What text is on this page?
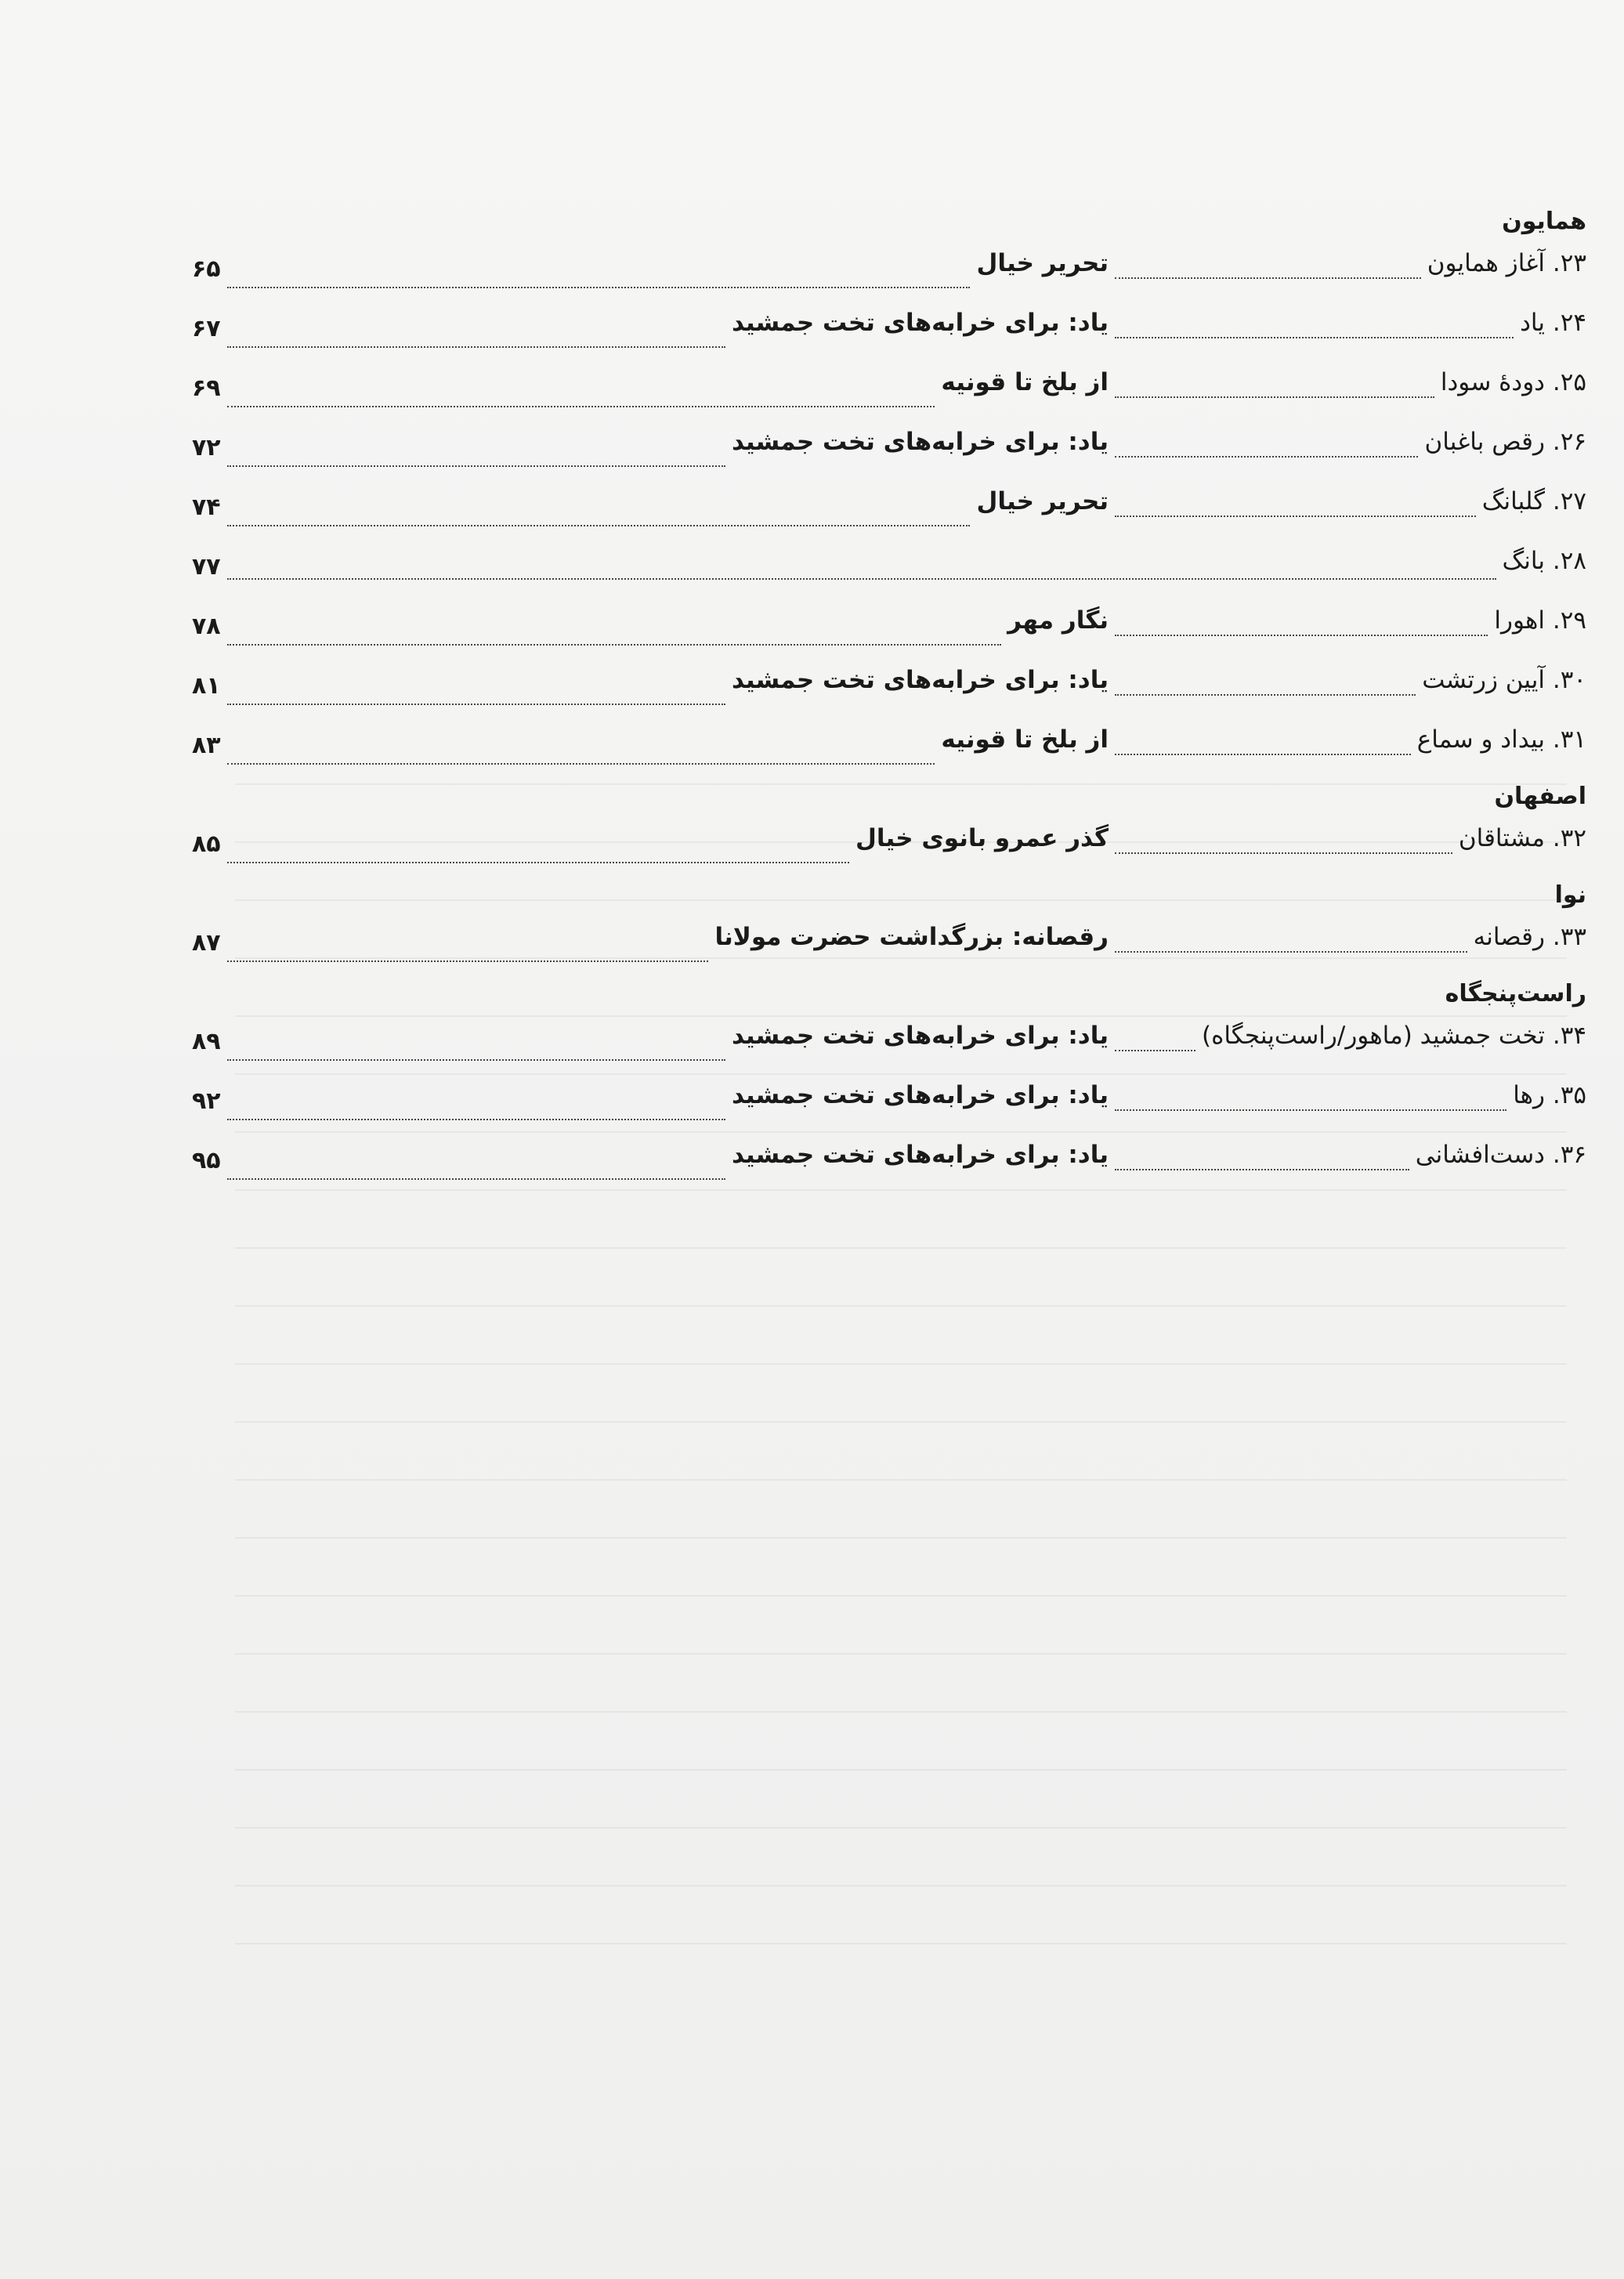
همایون
۲۳. آغاز همایون
تحریر خیال
۶۵
۲۴. یاد
یاد: برای خرابه‌های تخت جمشید
۶۷
۲۵. دودهٔ سودا
از بلخ تا قونیه
۶۹
۲۶. رقص باغبان
یاد: برای خرابه‌های تخت جمشید
۷۲
۲۷. گلبانگ
تحریر خیال
۷۴
۲۸. بانگ
۷۷
۲۹. اهورا
نگار مهر
۷۸
۳۰. آیین زرتشت
یاد: برای خرابه‌های تخت جمشید
۸۱
۳۱. بیداد و سماع
از بلخ تا قونیه
۸۳
اصفهان
۳۲. مشتاقان
گذر عمرو بانوی خیال
۸۵
نوا
۳۳. رقصانه
رقصانه: بزرگداشت حضرت مولانا
۸۷
راست‌پنجگاه
۳۴. تخت جمشید (ماهور/راست‌پنجگاه)
یاد: برای خرابه‌های تخت جمشید
۸۹
۳۵. رها
یاد: برای خرابه‌های تخت جمشید
۹۲
۳۶. دست‌افشانی
یاد: برای خرابه‌های تخت جمشید
۹۵
